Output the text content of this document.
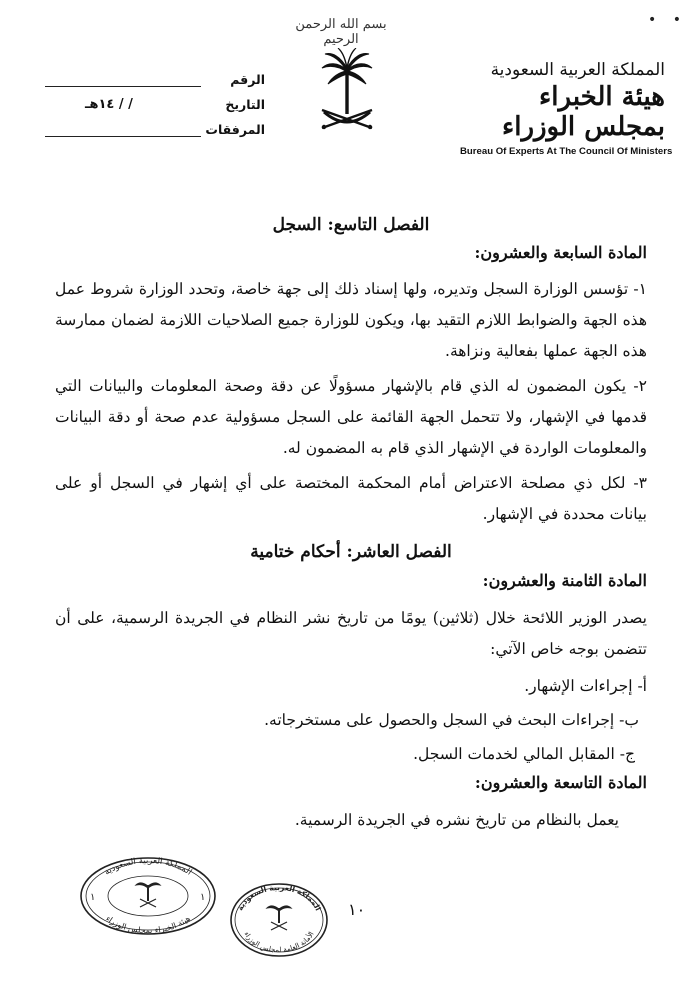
• •
بسم الله الرحمن الرحيم
المملكة العربية السعودية
هيئة الخبراء بمجلس الوزراء
Bureau Of Experts At The Council Of Ministers
الرقم
التاريخ
/ / ١٤هـ
المرفقات
الفصل التاسع: السجل
المادة السابعة والعشرون:
١- تؤسس الوزارة السجل وتديره، ولها إسناد ذلك إلى جهة خاصة، وتحدد الوزارة شروط عمل هذه الجهة والضوابط اللازم التقيد بها، ويكون للوزارة جميع الصلاحيات اللازمة لضمان ممارسة هذه الجهة عملها بفعالية ونزاهة.
٢- يكون المضمون له الذي قام بالإشهار مسؤولًا عن دقة وصحة المعلومات والبيانات التي قدمها في الإشهار، ولا تتحمل الجهة القائمة على السجل مسؤولية عدم صحة أو دقة البيانات والمعلومات الواردة في الإشهار الذي قام به المضمون له.
٣- لكل ذي مصلحة الاعتراض أمام المحكمة المختصة على أي إشهار في السجل أو على بيانات محددة في الإشهار.
الفصل العاشر: أحكام ختامية
المادة الثامنة والعشرون:
يصدر الوزير اللائحة خلال (ثلاثين) يومًا من تاريخ نشر النظام في الجريدة الرسمية، على أن تتضمن بوجه خاص الآتي:
أ- إجراءات الإشهار.
ب- إجراءات البحث في السجل والحصول على مستخرجاته.
ج- المقابل المالي لخدمات السجل.
المادة التاسعة والعشرون:
يعمل بالنظام من تاريخ نشره في الجريدة الرسمية.
المملكة العربية السعودية
هيئة الخبراء بمجلس الوزراء
١	١
المملكة العربية السعودية
الأمانة العامة لمجلس الوزراء
١٠
